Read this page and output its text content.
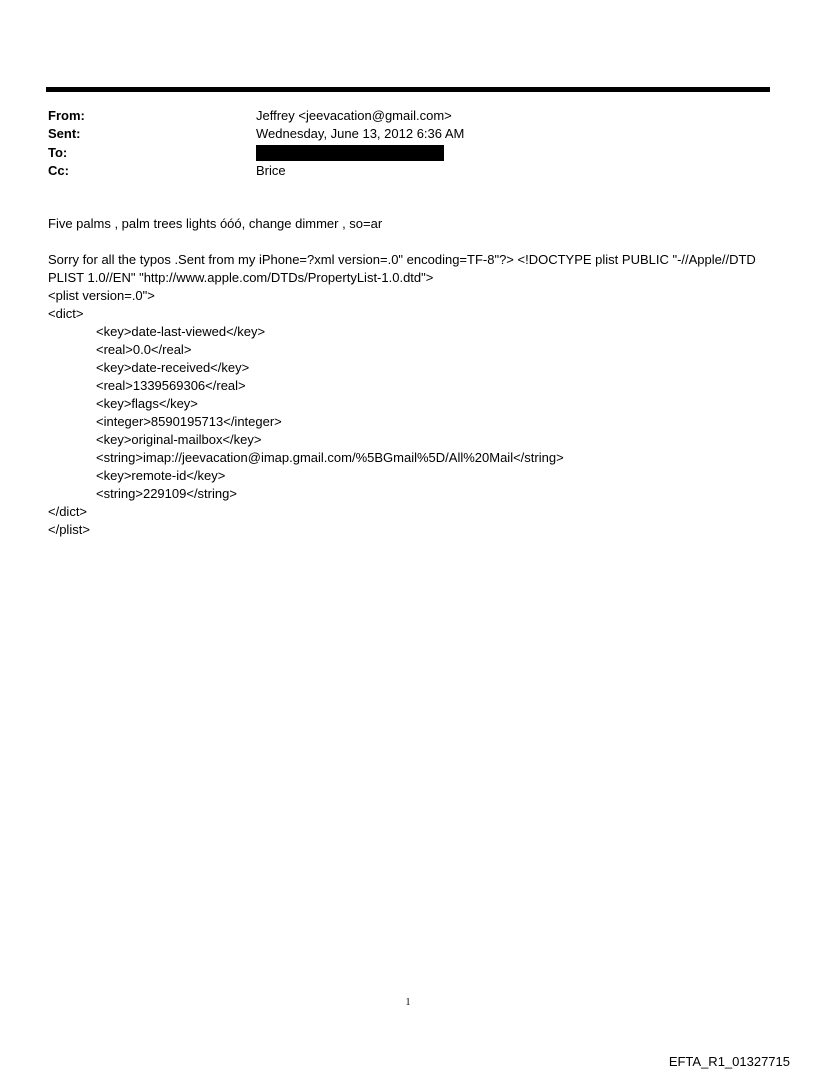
From:	Jeffrey <jeevacation@gmail.com>
Sent:	Wednesday, June 13, 2012 6:36 AM
To:
Cc:	Brice
Five palms , palm trees lights óóó, change dimmer , so=ar
Sorry for all the typos .Sent from my iPhone=?xml version=.0" encoding=TF-8"?> <!DOCTYPE plist PUBLIC "-//Apple//DTD
PLIST 1.0//EN" "http://www.apple.com/DTDs/PropertyList-1.0.dtd">
<plist version=.0">
<dict>
<key>date-last-viewed</key>
<real>0.0</real>
<key>date-received</key>
<real>1339569306</real>
<key>flags</key>
<integer>8590195713</integer>
<key>original-mailbox</key>
<string>imap://jeevacation@imap.gmail.com/%5BGmail%5D/All%20Mail</string>
<key>remote-id</key>
<string>229109</string>
</dict>
</plist>
1
EFTA_R1_01327715
